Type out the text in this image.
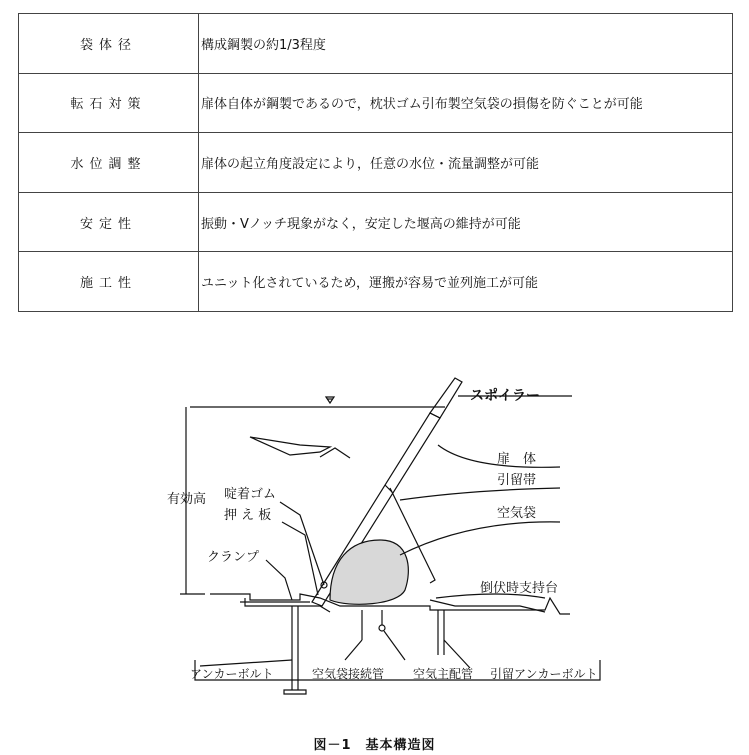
袋体径	構成鋼製の約1/3程度
転石対策	扉体自体が鋼製であるので，枕状ゴム引布製空気袋の損傷を防ぐことが可能
水位調整	扉体の起立角度設定により，任意の水位・流量調整が可能
安定性	振動・Vノッチ現象がなく，安定した堰高の維持が可能
施工性	ユニット化されているため，運搬が容易で並列施工が可能
スポイラー
扉　体
引留帯
空気袋
有効高 啶着ゴム
押 え 板
クランプ
倒伏時支持台
アンカーボルト	空気袋接続管 空気主配管 引留アンカーボルト
図－1　基本構造図
